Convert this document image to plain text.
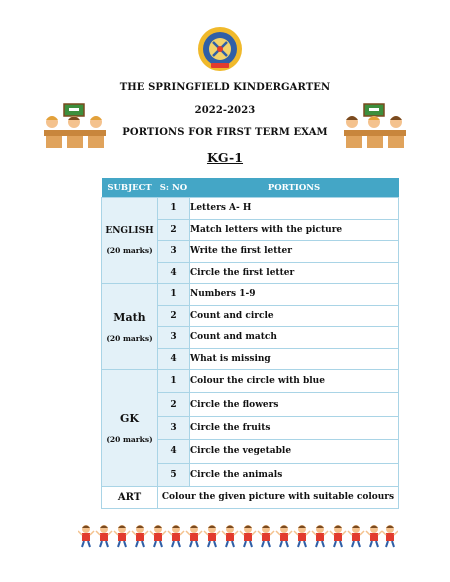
THE SPRINGFIELD KINDERGARTEN
2022-2023
PORTIONS FOR FIRST TERM EXAM
KG-1
SUBJECT	S: NO	PORTIONS

ENGLISH
(20 marks)	1	Letters A- H
	2	Match letters with the picture
	3	Write the first letter
	4	Circle the first letter

Math
(20 marks)	1	Numbers 1-9
	2	Count and circle
	3	Count and match
	4	What is missing

GK
(20 marks)	1	Colour the circle with blue
	2	Circle the flowers
	3	Circle the fruits
	4	Circle the vegetable
	5	Circle the animals
ART	Colour the given picture with suitable colours	
